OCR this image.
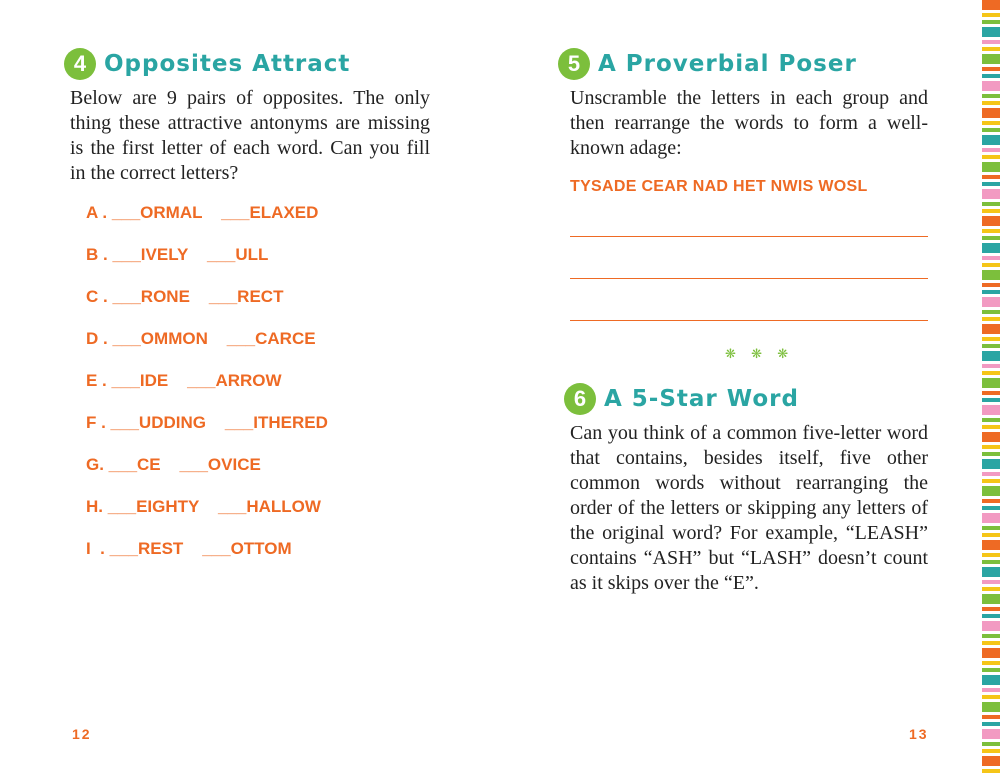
4 Opposites Attract

Below are 9 pairs of opposites. The only thing these attractive antonyms are missing is the first letter of each word. Can you fill in the correct letters?

A . ___ORMAL    ___ELAXED
B . ___IVELY    ___ULL
C . ___RONE    ___RECT
D . ___OMMON    ___CARCE
E . ___IDE    ___ARROW
F . ___UDDING    ___ITHERED
G. ___CE    ___OVICE
H. ___EIGHTY    ___HALLOW
I  . ___REST    ___OTTOM
12
5 A Proverbial Poser

Unscramble the letters in each group and then rearrange the words to form a well-known adage:

TYSADE CEAR NAD HET NWIS WOSL
❋ ❋ ❋
6 A 5-Star Word

Can you think of a common five-letter word that contains, besides itself, five other common words without rearranging the order of the letters or skipping any letters of the original word? For example, “LEASH” contains “ASH” but “LASH” doesn’t count as it skips over the “E”.

13
